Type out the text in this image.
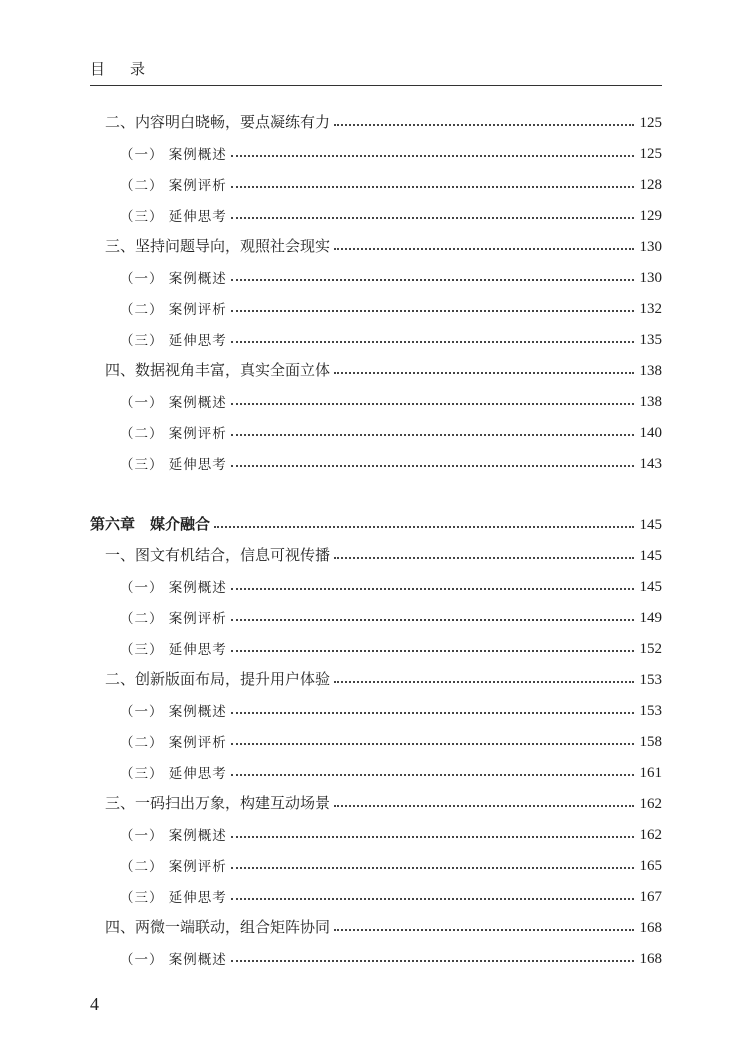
目 录
二、内容明白晓畅，要点凝练有力	125
（一） 案例概述	125
（二） 案例评析	128
（三） 延伸思考	129
三、坚持问题导向，观照社会现实	130
（一） 案例概述	130
（二） 案例评析	132
（三） 延伸思考	135
四、数据视角丰富，真实全面立体	138
（一） 案例概述	138
（二） 案例评析	140
（三） 延伸思考	143
第六章　媒介融合	145
一、图文有机结合，信息可视传播	145
（一） 案例概述	145
（二） 案例评析	149
（三） 延伸思考	152
二、创新版面布局，提升用户体验	153
（一） 案例概述	153
（二） 案例评析	158
（三） 延伸思考	161
三、一码扫出万象，构建互动场景	162
（一） 案例概述	162
（二） 案例评析	165
（三） 延伸思考	167
四、两微一端联动，组合矩阵协同	168
（一） 案例概述	168
4
